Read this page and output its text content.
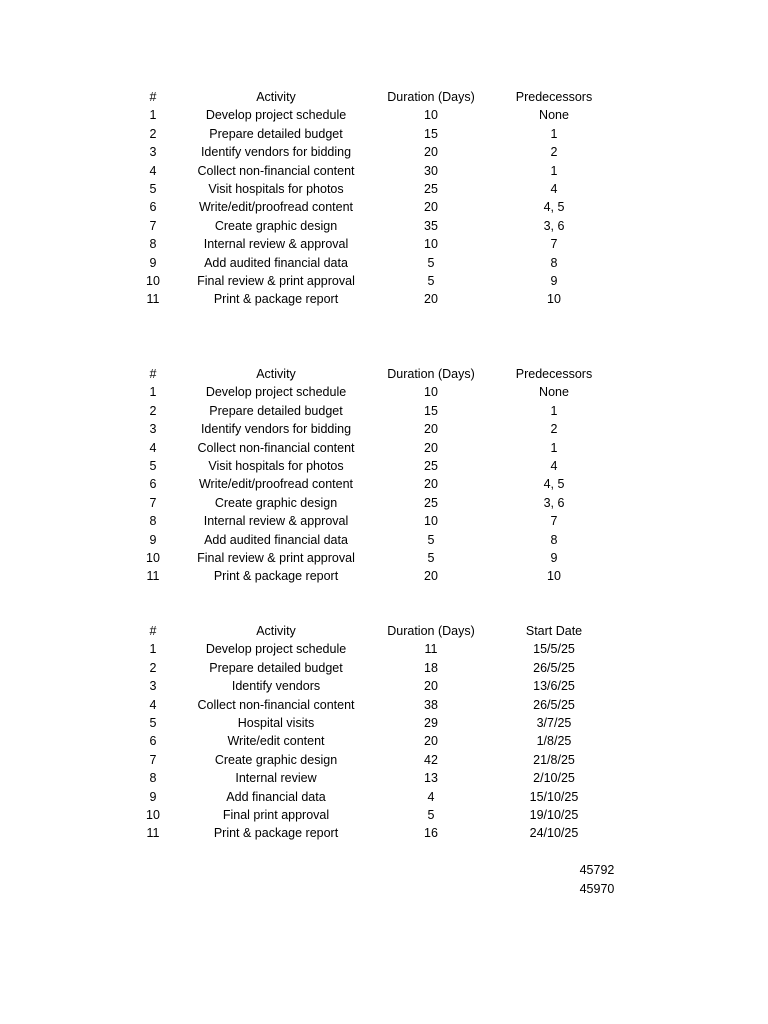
#	Activity	Duration (Days)	Predecessors
1	Develop project schedule	10	None
2	Prepare detailed budget	15	1
3	Identify vendors for bidding	20	2
4	Collect non-financial content	30	1
5	Visit hospitals for photos	25	4
6	Write/edit/proofread content	20	4, 5
7	Create graphic design	35	3, 6
8	Internal review & approval	10	7
9	Add audited financial data	5	8
10	Final review & print approval	5	9
11	Print & package report	20	10
#	Activity	Duration (Days)	Predecessors
1	Develop project schedule	10	None
2	Prepare detailed budget	15	1
3	Identify vendors for bidding	20	2
4	Collect non-financial content	20	1
5	Visit hospitals for photos	25	4
6	Write/edit/proofread content	20	4, 5
7	Create graphic design	25	3, 6
8	Internal review & approval	10	7
9	Add audited financial data	5	8
10	Final review & print approval	5	9
11	Print & package report	20	10
#	Activity	Duration (Days)	Start Date
1	Develop project schedule	11	15/5/25
2	Prepare detailed budget	18	26/5/25
3	Identify vendors	20	13/6/25
4	Collect non-financial content	38	26/5/25
5	Hospital visits	29	3/7/25
6	Write/edit content	20	1/8/25
7	Create graphic design	42	21/8/25
8	Internal review	13	2/10/25
9	Add financial data	4	15/10/25
10	Final print approval	5	19/10/25
11	Print & package report	16	24/10/25
45792
45970
